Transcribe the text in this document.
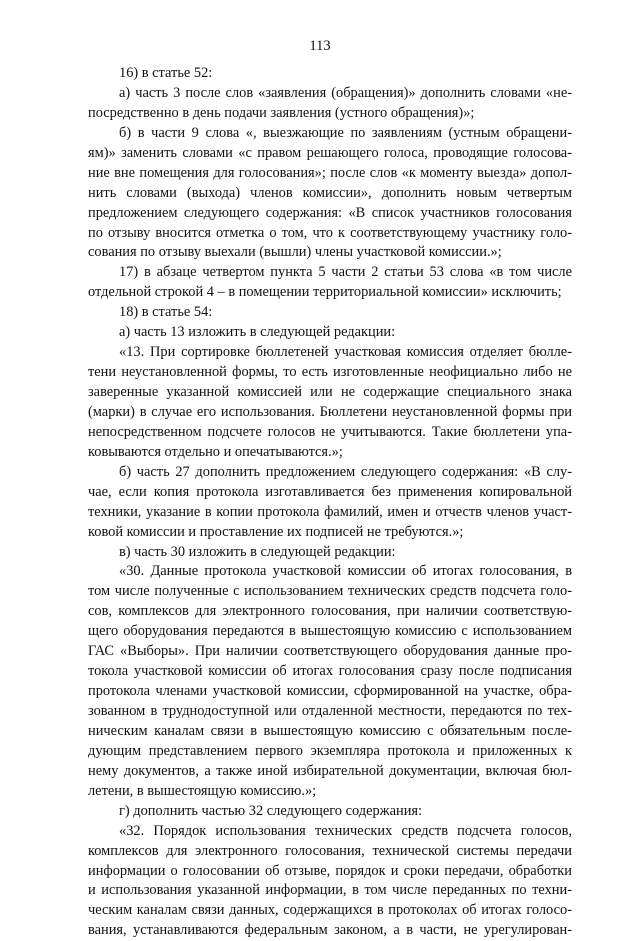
113

16) в статье 52:

а) часть 3 после слов «заявления (обращения)» дополнить словами «не-
посредственно в день подачи заявления (устного обращения)»;

б) в части 9 слова «, выезжающие по заявлениям (устным обращени-
ям)» заменить словами «с правом решающего голоса, проводящие голосова-
ние вне помещения для голосования»; после слов «к моменту выезда» допол-
нить словами (выхода) членов комиссии», дополнить новым четвертым
предложением следующего содержания: «В список участников голосования
по отзыву вносится отметка о том, что к соответствующему участнику голо-
сования по отзыву выехали (вышли) члены участковой комиссии.»;

17) в абзаце четвертом пункта 5 части 2 статьи 53 слова «в том числе
отдельной строкой 4 – в помещении территориальной комиссии» исключить;

18) в статье 54:

а) часть 13 изложить в следующей редакции:

«13. При сортировке бюллетеней участковая комиссия отделяет бюлле-
тени неустановленной формы, то есть изготовленные неофициально либо не
заверенные указанной комиссией или не содержащие специального знака
(марки) в случае его использования. Бюллетени неустановленной формы при
непосредственном подсчете голосов не учитываются. Такие бюллетени упа-
ковываются отдельно и опечатываются.»;

б) часть 27 дополнить предложением следующего содержания: «В слу-
чае, если копия протокола изготавливается без применения копировальной
техники, указание в копии протокола фамилий, имен и отчеств членов участ-
ковой комиссии и проставление их подписей не требуются.»;

в) часть 30 изложить в следующей редакции:

«30. Данные протокола участковой комиссии об итогах голосования, в
том числе полученные с использованием технических средств подсчета голо-
сов, комплексов для электронного голосования, при наличии соответствую-
щего оборудования передаются в вышестоящую комиссию с использованием
ГАС «Выборы». При наличии соответствующего оборудования данные про-
токола участковой комиссии об итогах голосования сразу после подписания
протокола членами участковой комиссии, сформированной на участке, обра-
зованном в труднодоступной или отдаленной местности, передаются по тех-
ническим каналам связи в вышестоящую комиссию с обязательным после-
дующим представлением первого экземпляра протокола и приложенных к
нему документов, а также иной избирательной документации, включая бюл-
летени, в вышестоящую комиссию.»;

г) дополнить частью 32 следующего содержания:

«32. Порядок использования технических средств подсчета голосов,
комплексов для электронного голосования, технической системы передачи
информации о голосовании об отзыве, порядок и сроки передачи, обработки
и использования указанной информации, в том числе переданных по техни-
ческим каналам связи данных, содержащихся в протоколах об итогах голосо-
вания, устанавливаются федеральным законом, а в части, не урегулирован-
